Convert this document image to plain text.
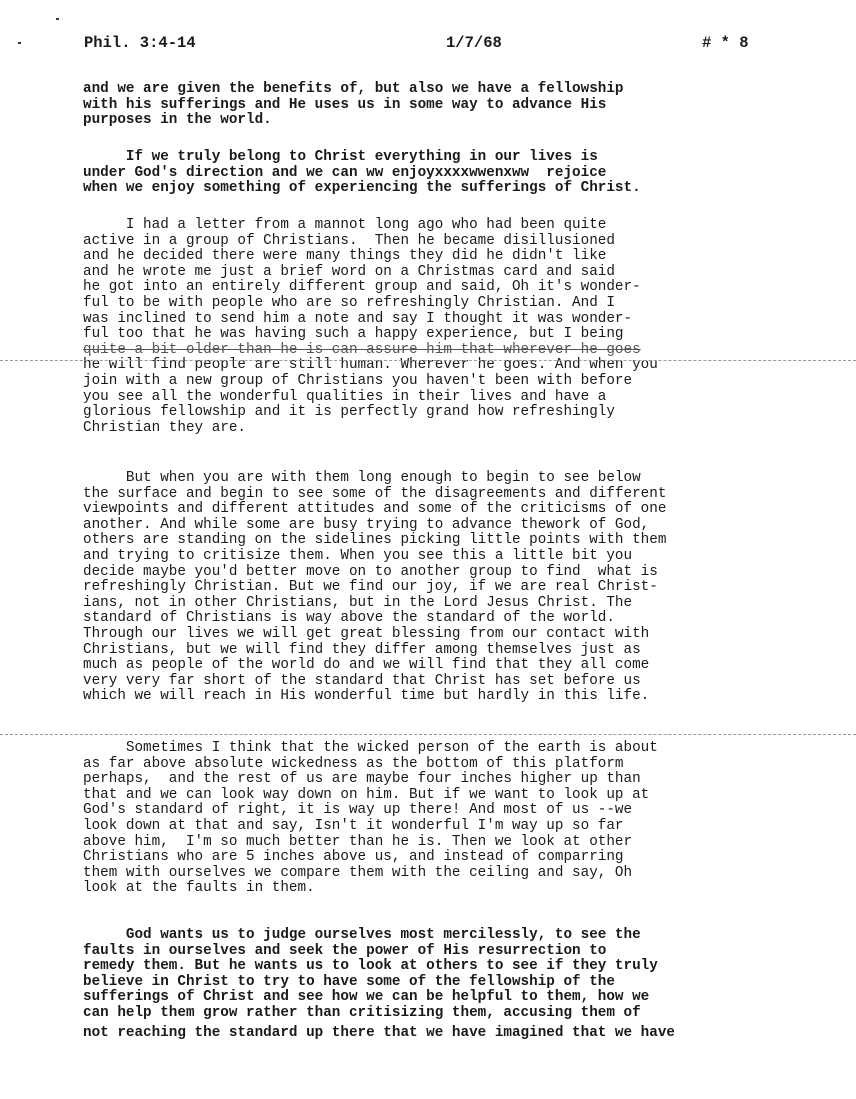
Phil. 3:4-14	1/7/68	# * 8
and we are given the benefits of, but also we have a fellowship
with his sufferings and He uses us in some way to advance His
purposes in the world.
If we truly belong to Christ everything in our lives is
under God's direction and we can ww enjoyxxxxwwenxww  rejoice
when we enjoy something of experiencing the sufferings of Christ.
I had a letter from a mannot long ago who had been quite
active in a group of Christians.  Then he became disillusioned
and he decided there were many things they did he didn't like
and he wrote me just a brief word on a Christmas card and said
he got into an entirely different group and said, Oh it's wonder-
ful to be with people who are so refreshingly Christian. And I
was inclined to send him a note and say I thought it was wonder-
ful too that he was having such a happy experience, but I being
quite a bit older than he is can assure him that wherever he goes
he will find people are still human. Wherever he goes. And when you
join with a new group of Christians you haven't been with before
you see all the wonderful qualities in their lives and have a
glorious fellowship and it is perfectly grand how refreshingly
Christian they are.
But when you are with them long enough to begin to see below
the surface and begin to see some of the disagreements and different
viewpoints and different attitudes and some of the criticisms of one
another. And while some are busy trying to advance thework of God,
others are standing on the sidelines picking little points with them
and trying to critisize them. When you see this a little bit you
decide maybe you'd better move on to another group to find  what is
refreshingly Christian. But we find our joy, if we are real Christ-
ians, not in other Christians, but in the Lord Jesus Christ. The
standard of Christians is way above the standard of the world.
Through our lives we will get great blessing from our contact with
Christians, but we will find they differ among themselves just as
much as people of the world do and we will find that they all come
very very far short of the standard that Christ has set before us
which we will reach in His wonderful time but hardly in this life.
Sometimes I think that the wicked person of the earth is about
as far above absolute wickedness as the bottom of this platform
perhaps,  and the rest of us are maybe four inches higher up than
that and we can look way down on him. But if we want to look up at
God's standard of right, it is way up there! And most of us --we
look down at that and say, Isn't it wonderful I'm way up so far
above him,  I'm so much better than he is. Then we look at other
Christians who are 5 inches above us, and instead of comparring
them with ourselves we compare them with the ceiling and say, Oh
look at the faults in them.
God wants us to judge ourselves most mercilessly, to see the
faults in ourselves and seek the power of His resurrection to
remedy them. But he wants us to look at others to see if they truly
believe in Christ to try to have some of the fellowship of the
sufferings of Christ and see how we can be helpful to them, how we
can help them grow rather than critisizing them, accusing them of
not reaching the standard up there that we have imagined that we have
